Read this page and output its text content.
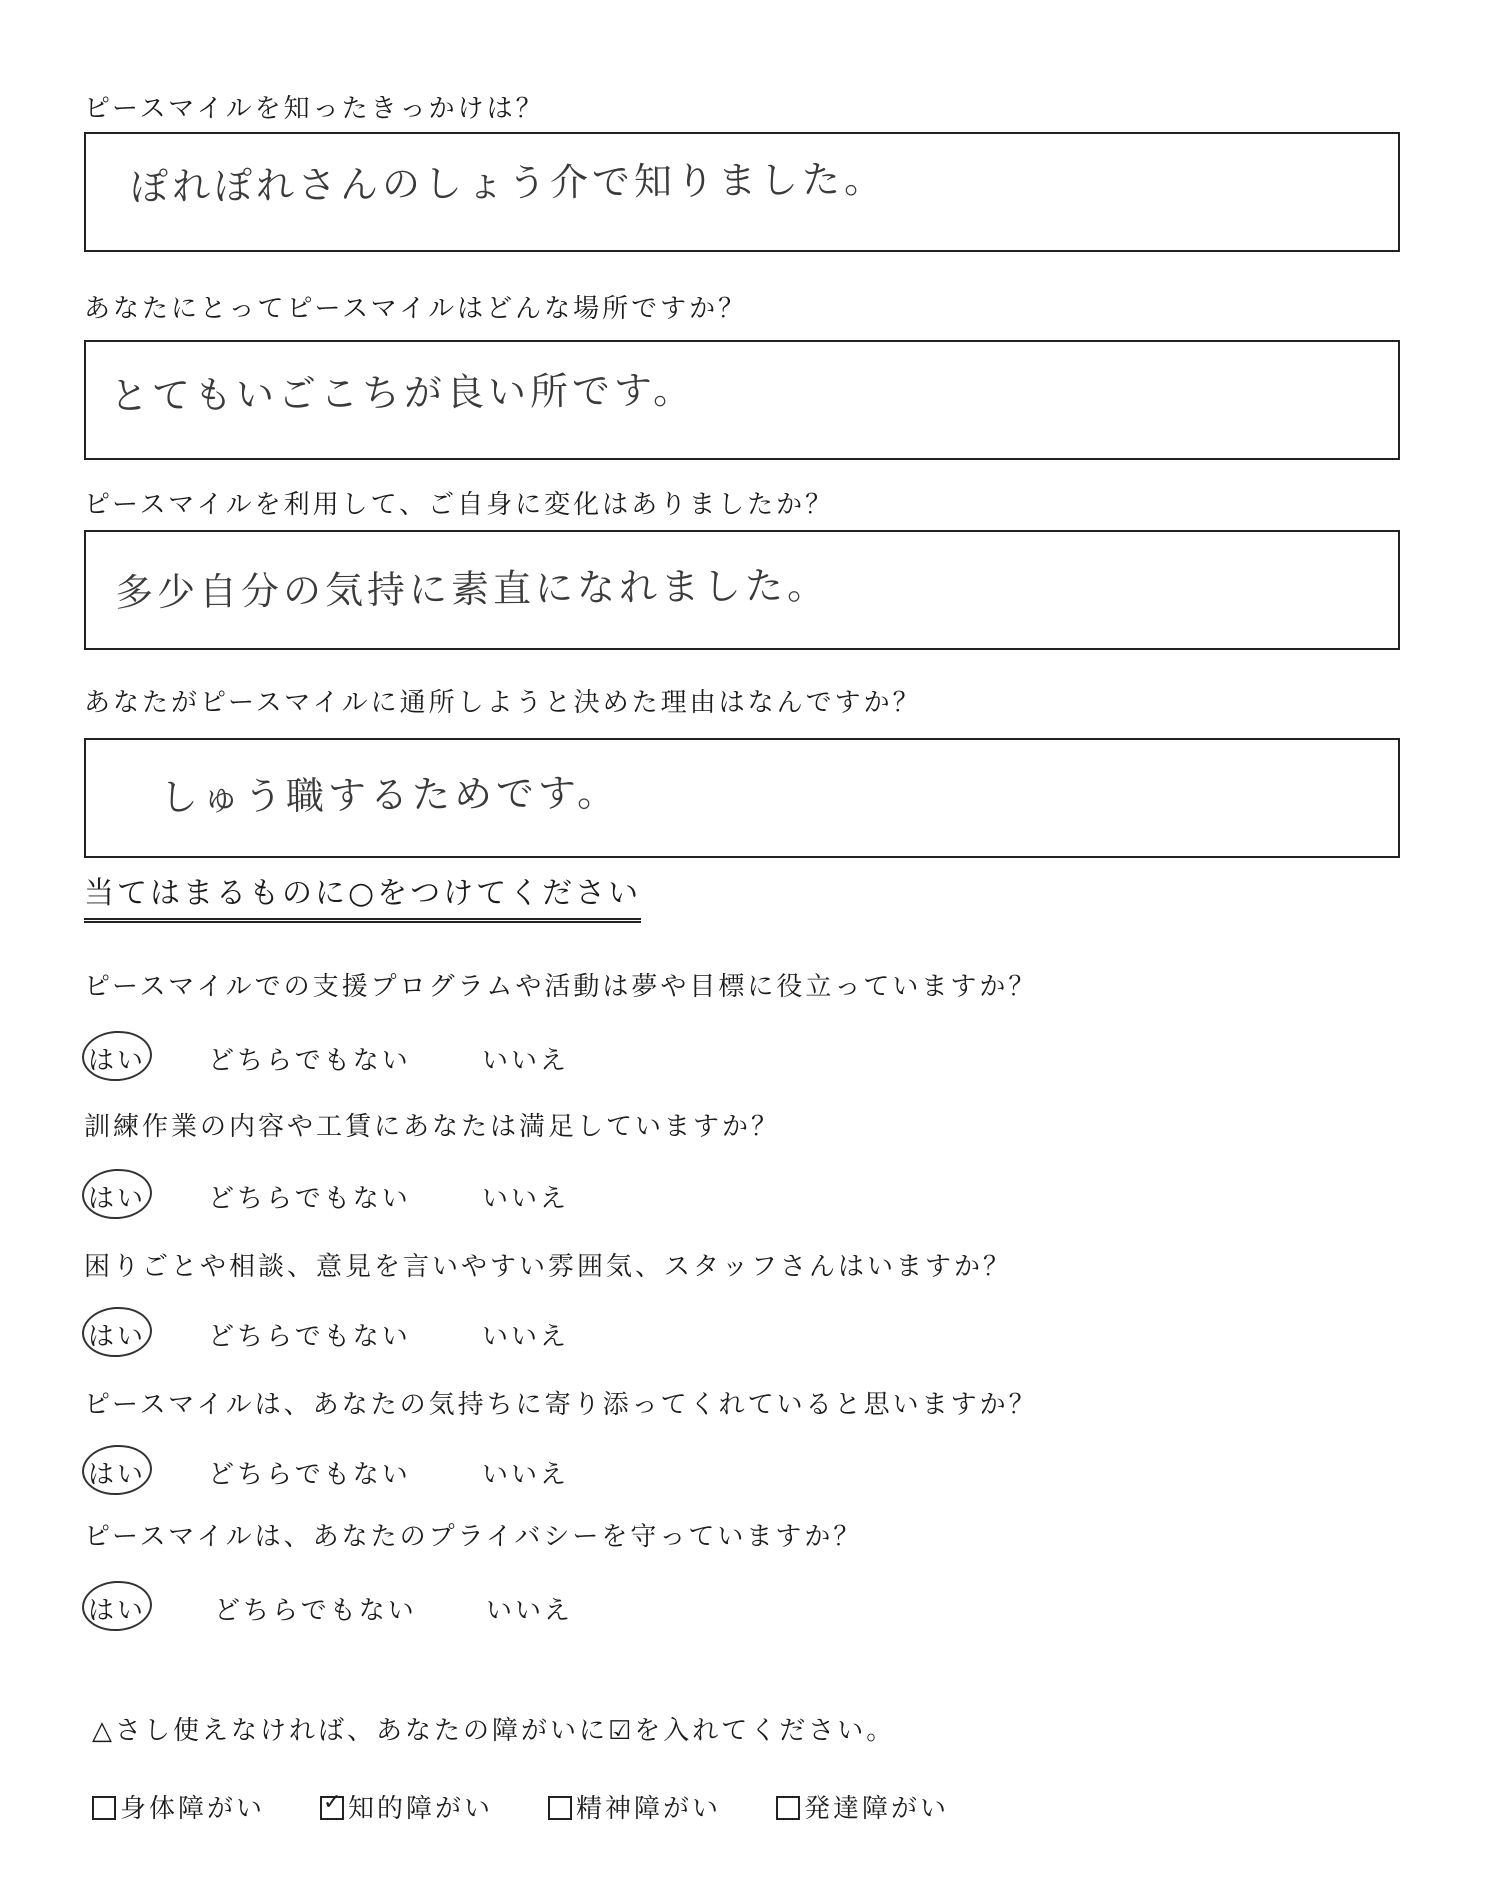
ピースマイルを知ったきっかけは？
ぽれぽれさんのしょう介で知りました。
あなたにとってピースマイルはどんな場所ですか？
とてもいごこちが良い所です。
ピースマイルを利用して、ご自身に変化はありましたか？
多少自分の気持に素直になれました。
あなたがピースマイルに通所しようと決めた理由はなんですか？
しゅう職するためです。
当てはまるものに○をつけてください
ピースマイルでの支援プログラムや活動は夢や目標に役立っていますか？
はい どちらでもない	いいえ
訓練作業の内容や工賃にあなたは満足していますか？
はい どちらでもない	いいえ
困りごとや相談、意見を言いやすい雰囲気、スタッフさんはいますか？
はい どちらでもない	いいえ
ピースマイルは、あなたの気持ちに寄り添ってくれていると思いますか？
はい どちらでもない	いいえ
ピースマイルは、あなたのプライバシーを守っていますか？
はい	どちらでもない	いいえ
△さし使えなければ、あなたの障がいに☑を入れてください。
身体障がい
✓	知的障がい	精神障がい	発達障がい
